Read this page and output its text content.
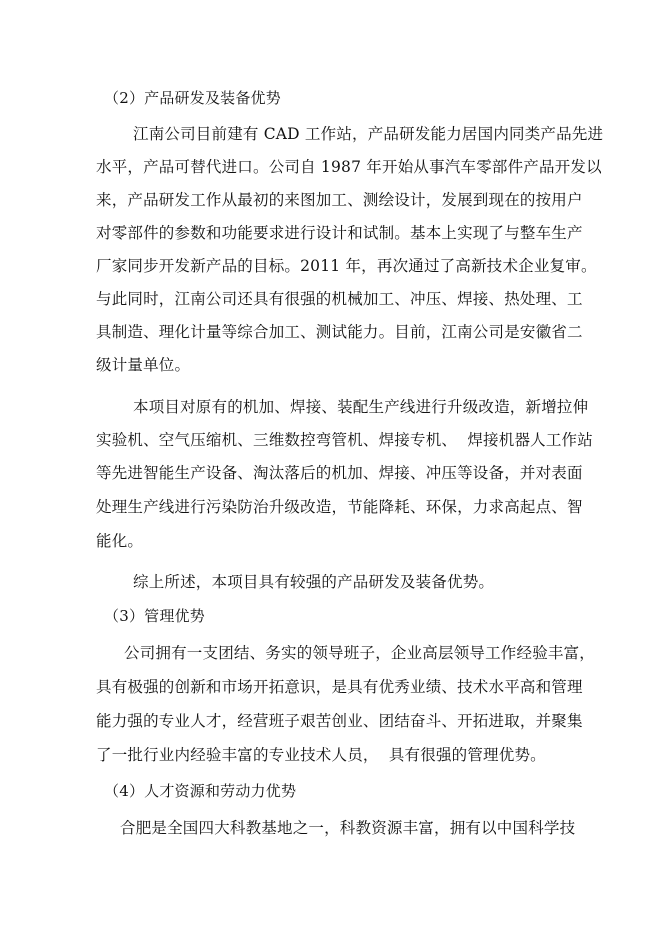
（2）产品研发及装备优势
江南公司目前建有 CAD 工作站，产品研发能力居国内同类产品先进
水平，产品可替代进口。公司自 1987 年开始从事汽车零部件产品开发以
来，产品研发工作从最初的来图加工、测绘设计，发展到现在的按用户
对零部件的参数和功能要求进行设计和试制。基本上实现了与整车生产
厂家同步开发新产品的目标。2011 年，再次通过了高新技术企业复审。
与此同时，江南公司还具有很强的机械加工、冲压、焊接、热处理、工
具制造、理化计量等综合加工、测试能力。目前，江南公司是安徽省二
级计量单位。
本项目对原有的机加、焊接、装配生产线进行升级改造，新增拉伸
实验机、空气压缩机、三维数控弯管机、焊接专机、  焊接机器人工作站
等先进智能生产设备、淘汰落后的机加、焊接、冲压等设备，并对表面
处理生产线进行污染防治升级改造，节能降耗、环保，力求高起点、智
能化。
综上所述，本项目具有较强的产品研发及装备优势。
（3）管理优势
公司拥有一支团结、务实的领导班子，企业高层领导工作经验丰富，
具有极强的创新和市场开拓意识，是具有优秀业绩、技术水平高和管理
能力强的专业人才，经营班子艰苦创业、团结奋斗、开拓进取，并聚集
了一批行业内经验丰富的专业技术人员，  具有很强的管理优势。
（4）人才资源和劳动力优势
合肥是全国四大科教基地之一，科教资源丰富，拥有以中国科学技
